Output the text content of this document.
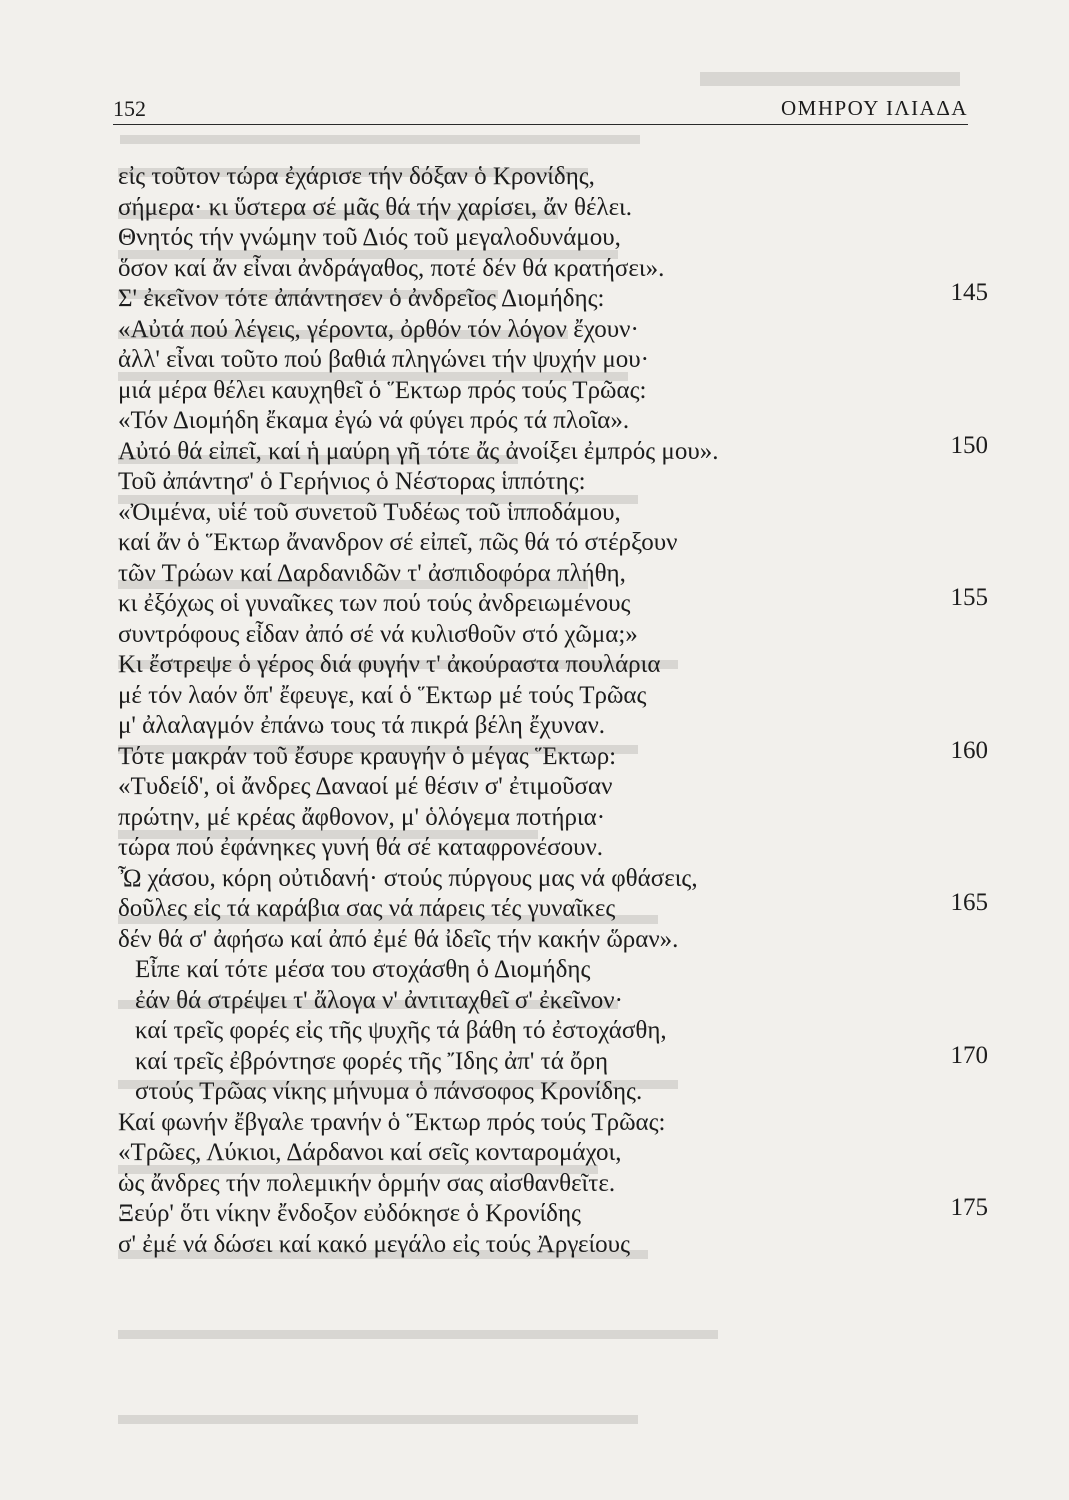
152	ΟΜΗΡΟΥ ΙΛΙΑΔΑ
εἰς τοῦτον τώρα ἐχάρισε τήν δόξαν ὁ Κρονίδης,
σήμερα· κι ὕστερα σέ μᾶς θά τήν χαρίσει, ἄν θέλει.
Θνητός τήν γνώμην τοῦ Διός τοῦ μεγαλοδυνάμου,
ὅσον καί ἄν εἶναι ἀνδράγαθος, ποτέ δέν θά κρατήσει».
Σ' ἐκεῖνον τότε ἀπάντησεν ὁ ἀνδρεῖος Διομήδης:	145
«Αὐτά πού λέγεις, γέροντα, ὀρθόν τόν λόγον ἔχουν·
ἀλλ' εἶναι τοῦτο πού βαθιά πληγώνει τήν ψυχήν μου·
μιά μέρα θέλει καυχηθεῖ ὁ Ἕκτωρ πρός τούς Τρῶας:
«Τόν Διομήδη ἔκαμα ἐγώ νά φύγει πρός τά πλοῖα».
Αὐτό θά εἰπεῖ, καί ἡ μαύρη γῆ τότε ἄς ἀνοίξει ἐμπρός μου».	150
Τοῦ ἀπάντησ' ὁ Γερήνιος ὁ Νέστορας ἱππότης:
«Ὀιμένα, υἱέ τοῦ συνετοῦ Τυδέως τοῦ ἱπποδάμου,
καί ἄν ὁ Ἕκτωρ ἄνανδρον σέ εἰπεῖ, πῶς θά τό στέρξουν
τῶν Τρώων καί Δαρδανιδῶν τ' ἀσπιδοφόρα πλήθη,
κι ἐξόχως οἱ γυναῖκες των πού τούς ἀνδρειωμένους	155
συντρόφους εἶδαν ἀπό σέ νά κυλισθοῦν στό χῶμα;»
Κι ἔστρεψε ὁ γέρος διά φυγήν τ' ἀκούραστα πουλάρια
μέ τόν λαόν ὅπ' ἔφευγε, καί ὁ Ἕκτωρ μέ τούς Τρῶας
μ' ἀλαλαγμόν ἐπάνω τους τά πικρά βέλη ἔχυναν.
Τότε μακράν τοῦ ἔσυρε κραυγήν ὁ μέγας Ἕκτωρ:	160
«Τυδείδ', οἱ ἄνδρες Δαναοί μέ θέσιν σ' ἐτιμοῦσαν
πρώτην, μέ κρέας ἄφθονον, μ' ὁλόγεμα ποτήρια·
τώρα πού ἐφάνηκες γυνή θά σέ καταφρονέσουν.
Ὦ χάσου, κόρη οὐτιδανή· στούς πύργους μας νά φθάσεις,
δοῦλες εἰς τά καράβια σας νά πάρεις τές γυναῖκες	165
δέν θά σ' ἀφήσω καί ἀπό ἐμέ θά ἰδεῖς τήν κακήν ὥραν».
Εἶπε καί τότε μέσα του στοχάσθη ὁ Διομήδης
ἐάν θά στρέψει τ' ἄλογα ν' ἀντιταχθεῖ σ' ἐκεῖνον·
καί τρεῖς φορές εἰς τῆς ψυχῆς τά βάθη τό ἐστοχάσθη,
καί τρεῖς ἐβρόντησε φορές τῆς Ἴδης ἀπ' τά ὄρη	170
στούς Τρῶας νίκης μήνυμα ὁ πάνσοφος Κρονίδης.
Καί φωνήν ἔβγαλε τρανήν ὁ Ἕκτωρ πρός τούς Τρῶας:
«Τρῶες, Λύκιοι, Δάρδανοι καί σεῖς κονταρομάχοι,
ὡς ἄνδρες τήν πολεμικήν ὁρμήν σας αἰσθανθεῖτε.
Ξεύρ' ὅτι νίκην ἔνδοξον εὐδόκησε ὁ Κρονίδης	175
σ' ἐμέ νά δώσει καί κακό μεγάλο εἰς τούς Ἀργείους
